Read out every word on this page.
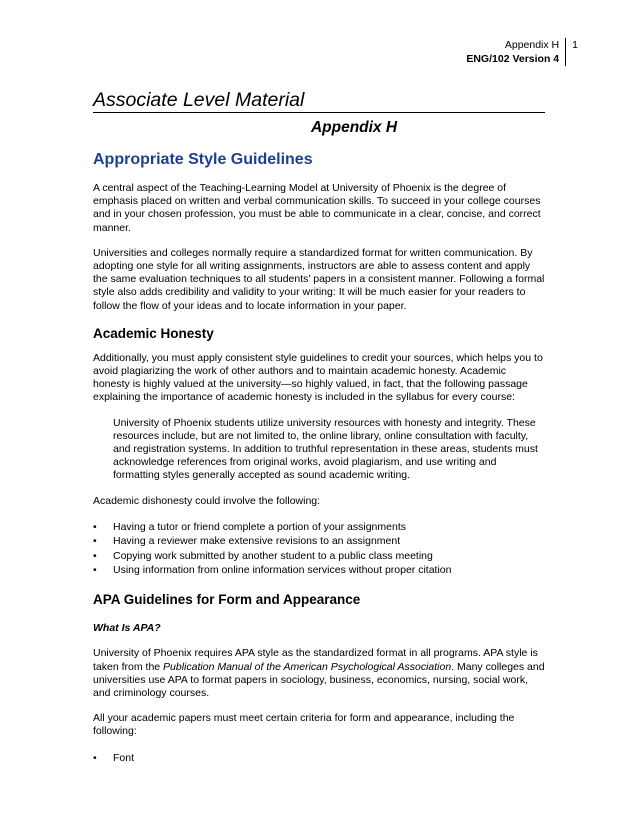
Appendix H
ENG/102 Version 4
1
Associate Level Material
Appendix H
Appropriate Style Guidelines

A central aspect of the Teaching-Learning Model at University of Phoenix is the degree of emphasis placed on written and verbal communication skills. To succeed in your college courses and in your chosen profession, you must be able to communicate in a clear, concise, and correct manner.

Universities and colleges normally require a standardized format for written communication. By adopting one style for all writing assignments, instructors are able to assess content and apply the same evaluation techniques to all students’ papers in a consistent manner. Following a formal style also adds credibility and validity to your writing: It will be much easier for your readers to follow the flow of your ideas and to locate information in your paper.

Academic Honesty

Additionally, you must apply consistent style guidelines to credit your sources, which helps you to avoid plagiarizing the work of other authors and to maintain academic honesty. Academic honesty is highly valued at the university—so highly valued, in fact, that the following passage explaining the importance of academic honesty is included in the syllabus for every course:

University of Phoenix students utilize university resources with honesty and integrity. These resources include, but are not limited to, the online library, online consultation with faculty, and registration systems. In addition to truthful representation in these areas, students must acknowledge references from original works, avoid plagiarism, and use writing and formatting styles generally accepted as sound academic writing.

Academic dishonesty could involve the following:

•	Having a tutor or friend complete a portion of your assignments
•	Having a reviewer make extensive revisions to an assignment
•	Copying work submitted by another student to a public class meeting
•	Using information from online information services without proper citation
APA Guidelines for Form and Appearance
What Is APA?

University of Phoenix requires APA style as the standardized format in all programs. APA style is taken from the Publication Manual of the American Psychological Association. Many colleges and universities use APA to format papers in sociology, business, economics, nursing, social work, and criminology courses.

All your academic papers must meet certain criteria for form and appearance, including the following:

•	Font
